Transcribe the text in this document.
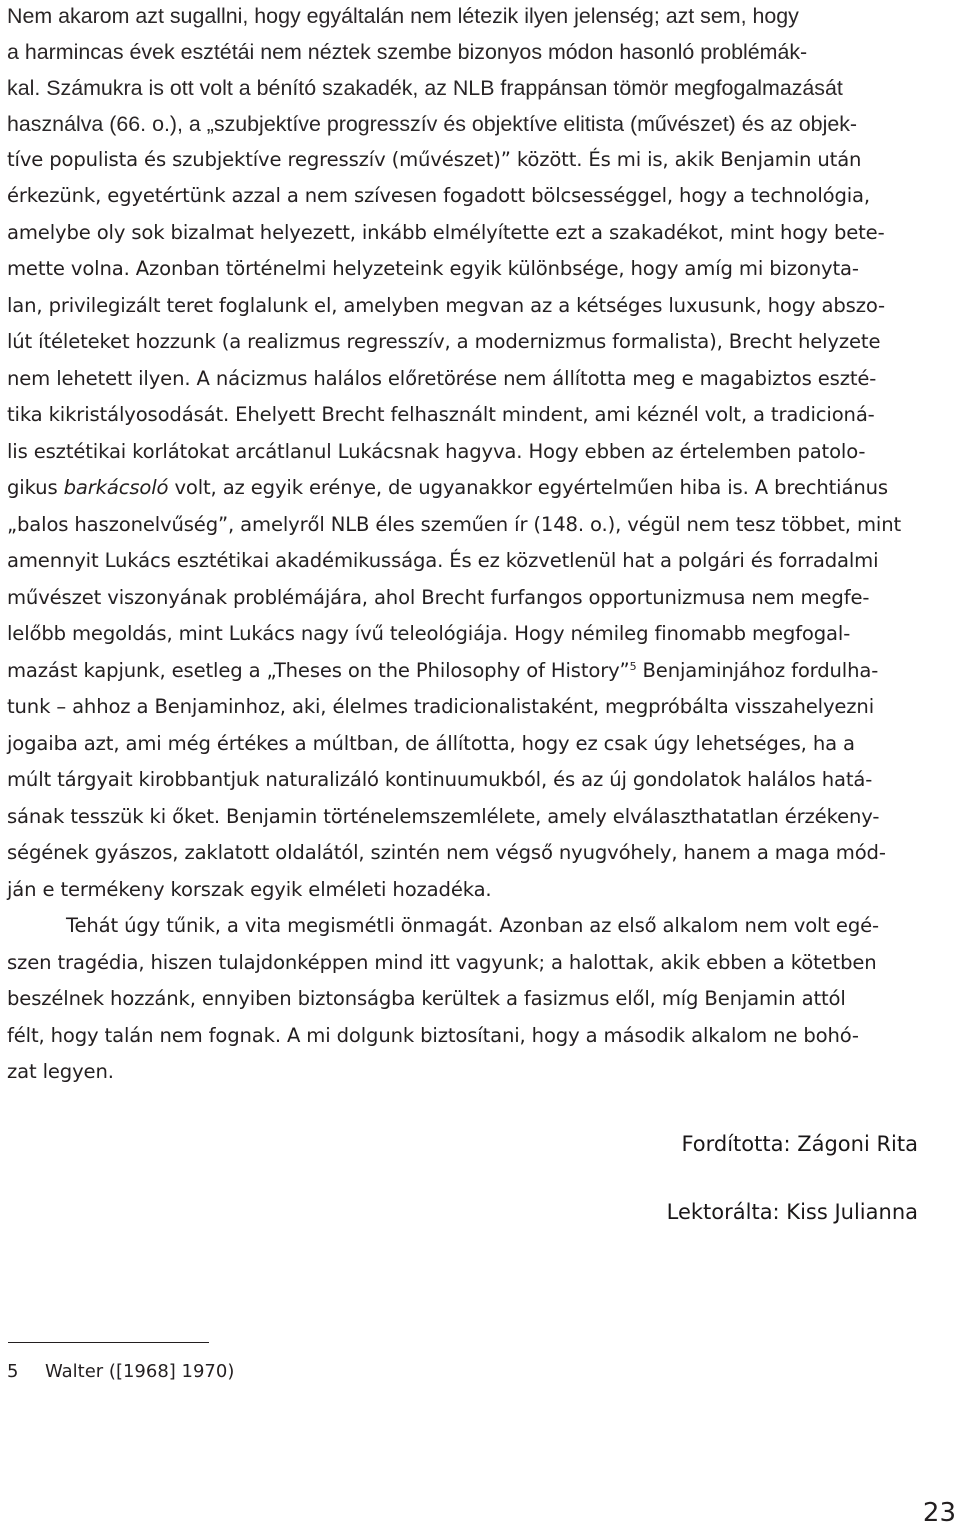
Nem akarom azt sugallni, hogy egyáltalán nem létezik ilyen jelenség; azt sem, hogy

a harmincas évek esztétái nem néztek szembe bizonyos módon hasonló problémák-

kal. Számukra is ott volt a bénító szakadék, az NLB frappánsan tömör megfogalmazását

használva (66. o.), a „szubjektíve progresszív és objektíve elitista (művészet) és az objek-

tíve populista és szubjektíve regresszív (művészet)” között. És mi is, akik Benjamin után

érkezünk, egyetértünk azzal a nem szívesen fogadott bölcsességgel, hogy a technológia,

amelybe oly sok bizalmat helyezett, inkább elmélyítette ezt a szakadékot, mint hogy bete-

mette volna. Azonban történelmi helyzeteink egyik különbsége, hogy amíg mi bizonyta-

lan, privilegizált teret foglalunk el, amelyben megvan az a kétséges luxusunk, hogy abszo-

lút ítéleteket hozzunk (a realizmus regresszív, a modernizmus formalista), Brecht helyzete

nem lehetett ilyen. A nácizmus halálos előretörése nem állította meg e magabiztos eszté-

tika kikristályosodását. Ehelyett Brecht felhasznált mindent, ami kéznél volt, a tradicioná-

lis esztétikai korlátokat arcátlanul Lukácsnak hagyva. Hogy ebben az értelemben patolo-

gikus barkácsoló volt, az egyik erénye, de ugyanakkor egyértelműen hiba is. A brechtiánus

„balos haszonelvűség”, amelyről NLB éles szeműen ír (148. o.), végül nem tesz többet, mint

amennyit Lukács esztétikai akadémikussága. És ez közvetlenül hat a polgári és forradalmi

művészet viszonyának problémájára, ahol Brecht furfangos opportunizmusa nem megfe-

lelőbb megoldás, mint Lukács nagy ívű teleológiája. Hogy némileg finomabb megfogal-

mazást kapjunk, esetleg a „Theses on the Philosophy of History”$^5$ Benjaminjához fordulha-

tunk – ahhoz a Benjaminhoz, aki, élelmes tradicionalistaként, megpróbálta visszahelyezni

jogaiba azt, ami még értékes a múltban, de állította, hogy ez csak úgy lehetséges, ha a

múlt tárgyait kirobbantjuk naturalizáló kontinuumukból, és az új gondolatok halálos hatá-

sának tesszük ki őket. Benjamin történelemszemlélete, amely elválaszthatatlan érzékeny-

ségének gyászos, zaklatott oldalától, szintén nem végső nyugvóhely, hanem a maga mód-

ján e termékeny korszak egyik elméleti hozadéka.

Tehát úgy tűnik, a vita megismétli önmagát. Azonban az első alkalom nem volt egé-

szen tragédia, hiszen tulajdonképpen mind itt vagyunk; a halottak, akik ebben a kötetben

beszélnek hozzánk, ennyiben biztonságba kerültek a fasizmus elől, míg Benjamin attól

félt, hogy talán nem fognak. A mi dolgunk biztosítani, hogy a második alkalom ne bohó-

zat legyen.

Fordította: Zágoni Rita

Lektorálta: Kiss Julianna

5 Walter ([1968] 1970)
23
